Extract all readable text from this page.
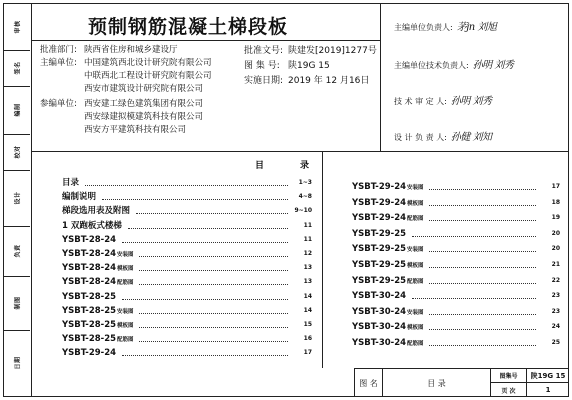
审核
签名
编制
校对
设计
负责
制图
日期
预制钢筋混凝土梯段板
批准部门: 陕西省住房和城乡建设厅
主编单位: 中国建筑西北设计研究院有限公司
中联西北工程设计研究院有限公司
西安市建筑设计研究院有限公司
参编单位: 西安建工绿色建筑集团有限公司
西安绿建拟模建筑科技有限公司
西安方平建筑科技有限公司
批准文号: 陕建发[2019]1277号
图 集 号: 陕19G 15
实施日期: 2019 年 12 月16日
主编单位负责人: 茅jn 刘旭
主编单位技术负责人: 孙明 刘秀
技 术 审 定 人: 孙明 刘秀
设 计 负 责 人: 孙健 刘知
目录
目录	1~3
编制说明	4~8
梯段选用表及附图	9~10
1 双跑板式楼梯	11
YSBT-28-24	11
YSBT-28-24安装图	12
YSBT-28-24模板图	13
YSBT-28-24配筋图	13
YSBT-28-25	14
YSBT-28-25安装图	14
YSBT-28-25模板图	15
YSBT-28-25配筋图	16
YSBT-29-24	17
YSBT-29-24安装图	17
YSBT-29-24模板图	18
YSBT-29-24配筋图	19
YSBT-29-25	20
YSBT-29-25安装图	20
YSBT-29-25模板图	21
YSBT-29-25配筋图	22
YSBT-30-24	23
YSBT-30-24安装图	23
YSBT-30-24模板图	24
YSBT-30-24配筋图	25
图 名	目 录
图集号	陕19G 15
页 次	1
